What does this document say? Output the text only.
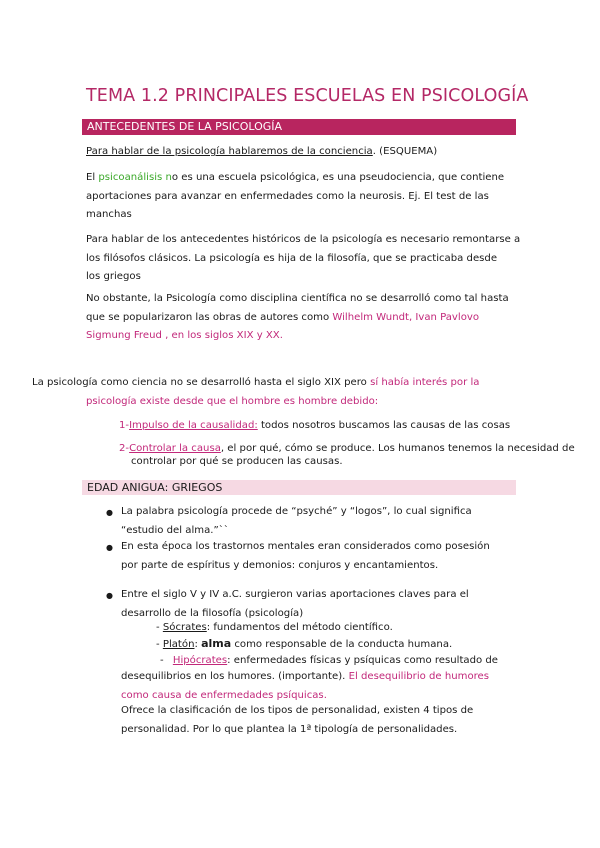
TEMA 1.2 PRINCIPALES ESCUELAS EN PSICOLOGÍA
ANTECEDENTES DE LA PSICOLOGÍA
Para hablar de la psicología hablaremos de la conciencia. (ESQUEMA)
El psicoanálisis no es una escuela psicológica, es una pseudociencia, que contiene
aportaciones para avanzar en enfermedades como la neurosis. Ej. El test de las
manchas
Para hablar de los antecedentes históricos de la psicología es necesario remontarse a
los filósofos clásicos. La psicología es hija de la filosofía, que se practicaba desde
los griegos
No obstante, la Psicología como disciplina científica no se desarrolló como tal hasta
que se popularizaron las obras de autores como Wilhelm Wundt, Ivan Pavlovo
Sigmung Freud , en los siglos XIX y XX.
La psicología como ciencia no se desarrolló hasta el siglo XIX pero sí había interés por la
psicología existe desde que el hombre es hombre debido:
1-Impulso de la causalidad: todos nosotros buscamos las causas de las cosas
2-Controlar la causa, el por qué, cómo se produce. Los humanos tenemos la necesidad de
controlar por qué se producen las causas.
EDAD ANIGUA: GRIEGOS
● La palabra psicología procede de “psyché” y “logos”, lo cual significa
“estudio del alma.”``
● En esta época los trastornos mentales eran considerados como posesión
por parte de espíritus y demonios: conjuros y encantamientos.
● Entre el siglo V y IV a.C. surgieron varias aportaciones claves para el
desarrollo de la filosofía (psicología)
- Sócrates: fundamentos del método científico.
- Platón: alma como responsable de la conducta humana.
- Hipócrates: enfermedades físicas y psíquicas como resultado de
desequilibrios en los humores. (importante). El desequilibrio de humores
como causa de enfermedades psíquicas.
Ofrece la clasificación de los tipos de personalidad, existen 4 tipos de
personalidad. Por lo que plantea la 1ª tipología de personalidades.
